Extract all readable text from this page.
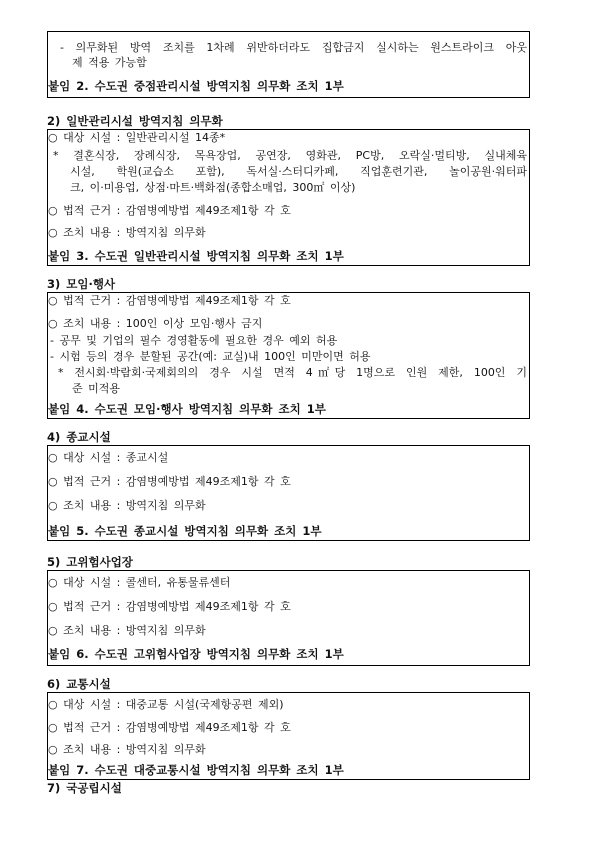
- 의무화된 방역 조치를 1차례 위반하더라도 집합금지 실시하는 원스트라이크 아웃
제 적용 가능함
붙임 2. 수도권 중점관리시설 방역지침 의무화 조치 1부
2) 일반관리시설 방역지침 의무화
○ 대상 시설 : 일반관리시설 14종*
* 결혼식장, 장례식장, 목욕장업, 공연장, 영화관, PC방, 오락실·멀티방, 실내체육
시설, 학원(교습소 포함), 독서실·스터디카페, 직업훈련기관, 놀이공원·워터파
크, 이·미용업, 상점·마트·백화점(종합소매업, 300㎡ 이상)
○ 법적 근거 : 감염병예방법 제49조제1항 각 호
○ 조치 내용 : 방역지침 의무화
붙임 3. 수도권 일반관리시설 방역지침 의무화 조치 1부
3) 모임·행사
○ 법적 근거 : 감염병예방법 제49조제1항 각 호
○ 조치 내용 : 100인 이상 모임·행사 금지
- 공무 및 기업의 필수 경영활동에 필요한 경우 예외 허용
- 시험 등의 경우 분할된 공간(예: 교실)내 100인 미만이면 허용
* 전시회·박람회·국제회의의 경우 시설 면적 4㎡당 1명으로 인원 제한, 100인 기
준 미적용
붙임 4. 수도권 모임·행사 방역지침 의무화 조치 1부
4) 종교시설
○ 대상 시설 : 종교시설
○ 법적 근거 : 감염병예방법 제49조제1항 각 호
○ 조치 내용 : 방역지침 의무화
붙임 5. 수도권 종교시설 방역지침 의무화 조치 1부
5) 고위험사업장
○ 대상 시설 : 콜센터, 유통물류센터
○ 법적 근거 : 감염병예방법 제49조제1항 각 호
○ 조치 내용 : 방역지침 의무화
붙임 6. 수도권 고위험사업장 방역지침 의무화 조치 1부
6) 교통시설
○ 대상 시설 : 대중교통 시설(국제항공편 제외)
○ 법적 근거 : 감염병예방법 제49조제1항 각 호
○ 조치 내용 : 방역지침 의무화
붙임 7. 수도권 대중교통시설 방역지침 의무화 조치 1부
7) 국공립시설
